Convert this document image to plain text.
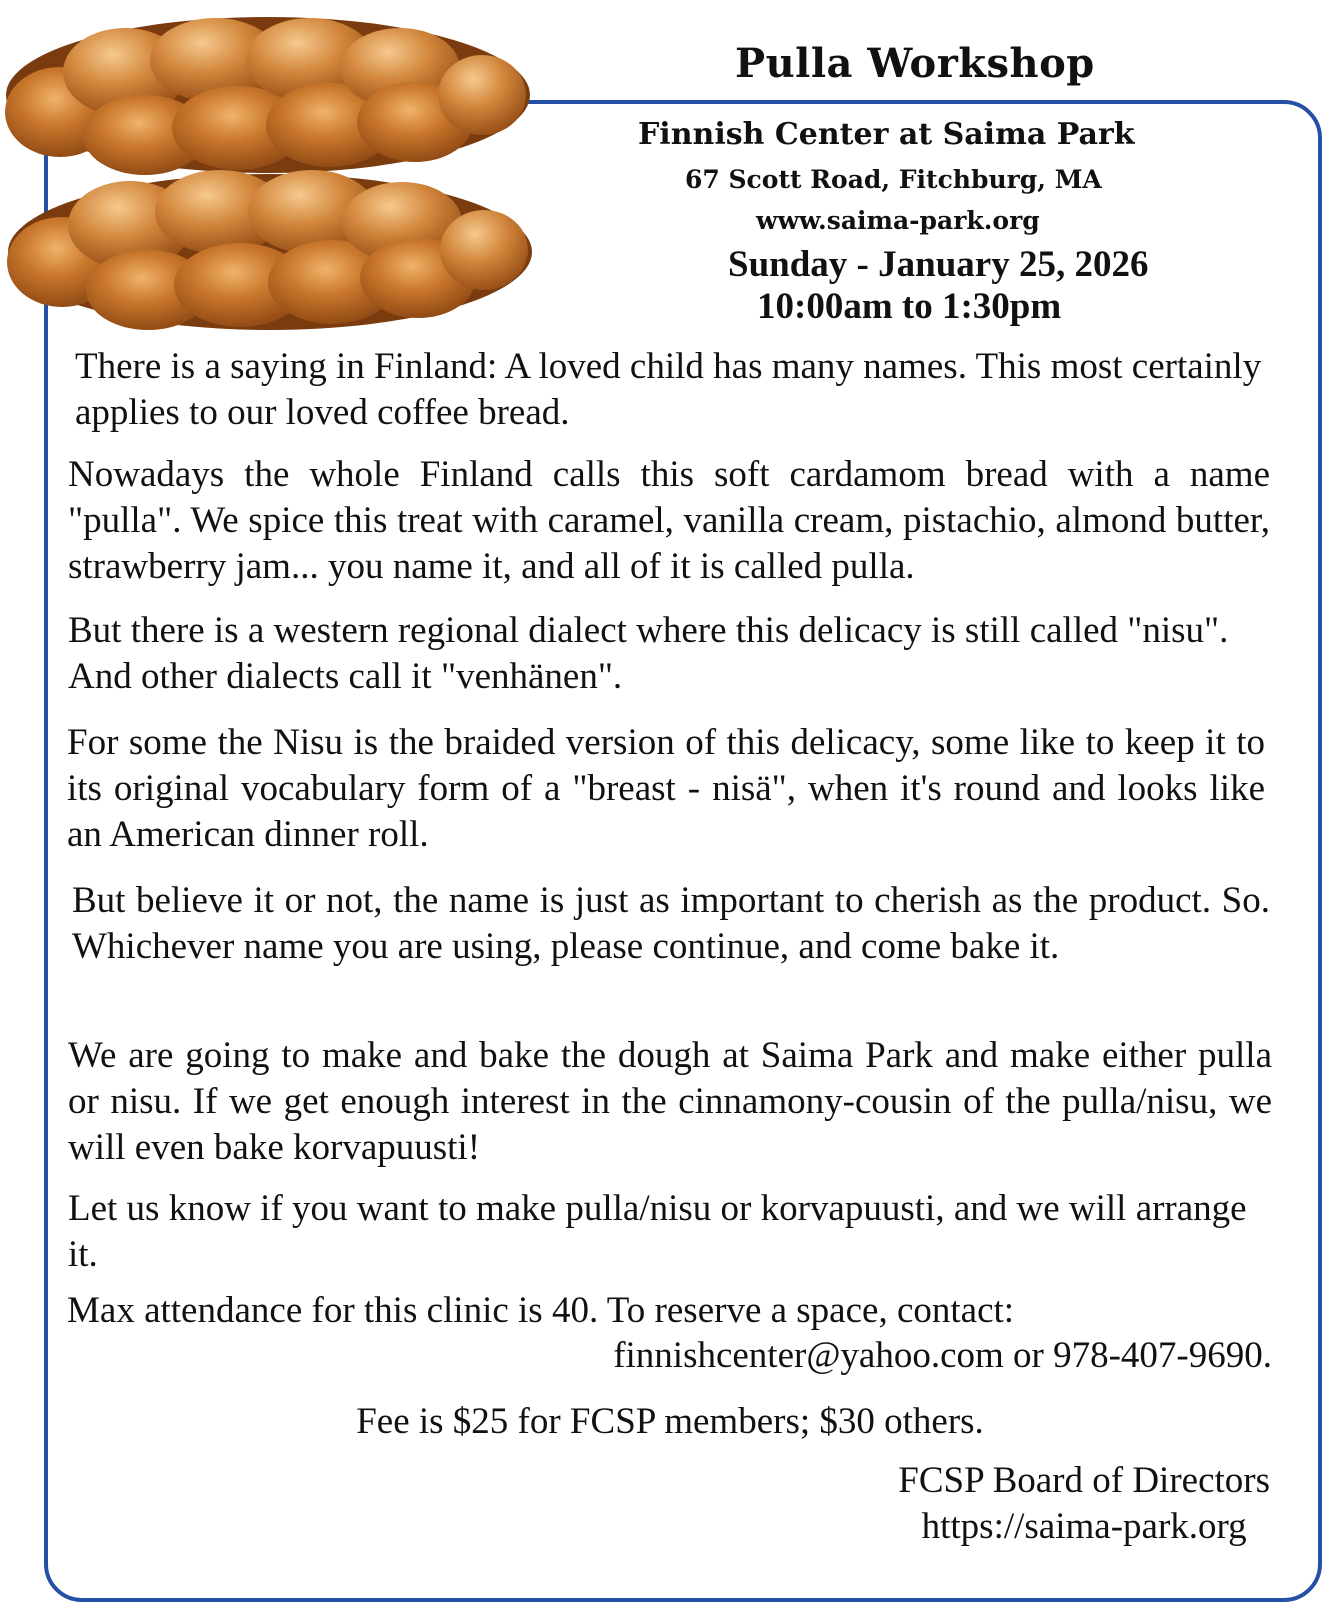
Pulla Workshop
Finnish Center at Saima Park
67 Scott Road, Fitchburg, MA
www.saima-park.org
Sunday - January 25, 2026
10:00am to 1:30pm

There is a saying in Finland: A loved child has many names. This most certainly applies to our loved coffee bread.

Nowadays the whole Finland calls this soft cardamom bread with a name "pulla". We spice this treat with caramel, vanilla cream, pistachio, almond butter, strawberry jam... you name it, and all of it is called pulla.

But there is a western regional dialect where this delicacy is still called "nisu". And other dialects call it "venhänen".

For some the Nisu is the braided version of this delicacy, some like to keep it to its original vocabulary form of a "breast - nisä", when it's round and looks like an American dinner roll.

But believe it or not, the name is just as important to cherish as the product. So. Whichever name you are using, please continue, and come bake it.

We are going to make and bake the dough at Saima Park and make either pulla or nisu. If we get enough interest in the cinnamony-cousin of the pulla/nisu, we will even bake korvapuusti!

Let us know if you want to make pulla/nisu or korvapuusti, and we will arrange it.

Max attendance for this clinic is 40. To reserve a space, contact:
finnishcenter@yahoo.com or 978-407-9690.
Fee is $25 for FCSP members; $30 others.
FCSP Board of Directors
https://saima-park.org
